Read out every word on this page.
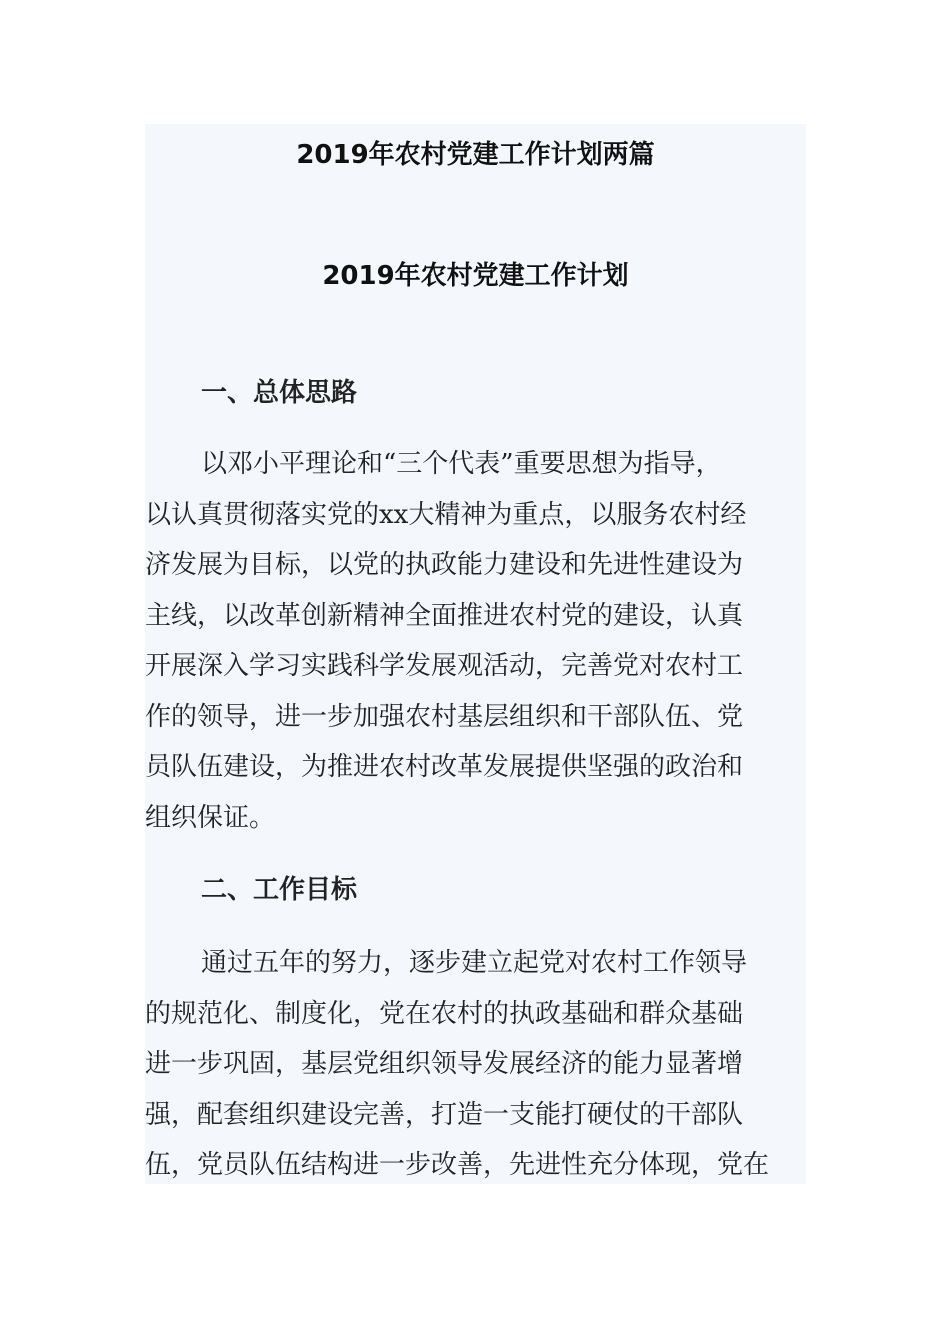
2019年农村党建工作计划两篇
2019年农村党建工作计划
一、总体思路
以邓小平理论和“三个代表”重要思想为指导，
以认真贯彻落实党的xx大精神为重点，以服务农村经
济发展为目标，以党的执政能力建设和先进性建设为
主线，以改革创新精神全面推进农村党的建设，认真
开展深入学习实践科学发展观活动，完善党对农村工
作的领导，进一步加强农村基层组织和干部队伍、党
员队伍建设，为推进农村改革发展提供坚强的政治和
组织保证。
二、工作目标
通过五年的努力，逐步建立起党对农村工作领导
的规范化、制度化，党在农村的执政基础和群众基础
进一步巩固，基层党组织领导发展经济的能力显著增
强，配套组织建设完善，打造一支能打硬仗的干部队
伍，党员队伍结构进一步改善，先进性充分体现，党在
